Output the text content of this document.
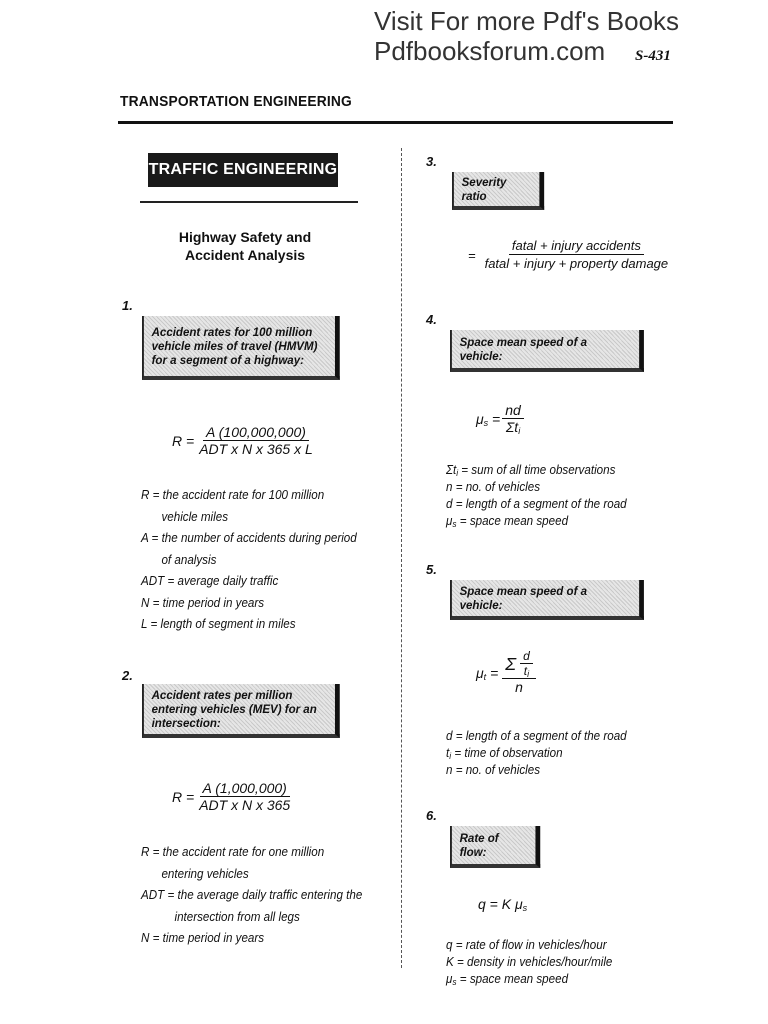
Visit For more Pdf's Books
Pdfbooksforum.com	S-431
TRANSPORTATION ENGINEERING
TRAFFIC ENGINEERING
Highway Safety and
Accident Analysis
1.
Accident rates for 100 million vehicle miles of travel (HMVM) for a segment of a highway:
$R = \frac{A (100,000,000)}{\text{ADT x N x 365 x L}}$
R = the accident rate for 100 million
vehicle miles
A = the number of accidents during period
of analysis
ADT = average daily traffic
N = time period in years
L = length of segment in miles
2.
Accident rates per million entering vehicles (MEV) for an intersection:
$R = \frac{A (1,000,000)}{\text{ADT x N x 365}}$
R = the accident rate for one million
entering vehicles
ADT = the average daily traffic entering the
intersection from all legs
N = time period in years
3.
Severity ratio
= $\frac{\text{fatal + injury accidents}}{\text{fatal + injury + property damage}}$
4.
Space mean speed of a vehicle:
$\mu_s = \frac{nd}{\Sigma t_i}$
$\Sigma t_i$ = sum of all time observations
n = no. of vehicles
d = length of a segment of the road
$\mu_s$ = space mean speed
5.
Space mean speed of a vehicle:
$\mu_t = \frac{\Sigma \frac{d}{t_i}}{n}$
d = length of a segment of the road
$t_i$ = time of observation
n = no. of vehicles
6.
Rate of flow:
q = K $\mu_s$
q = rate of flow in vehicles/hour
K = density in vehicles/hour/mile
$\mu_s$ = space mean speed
